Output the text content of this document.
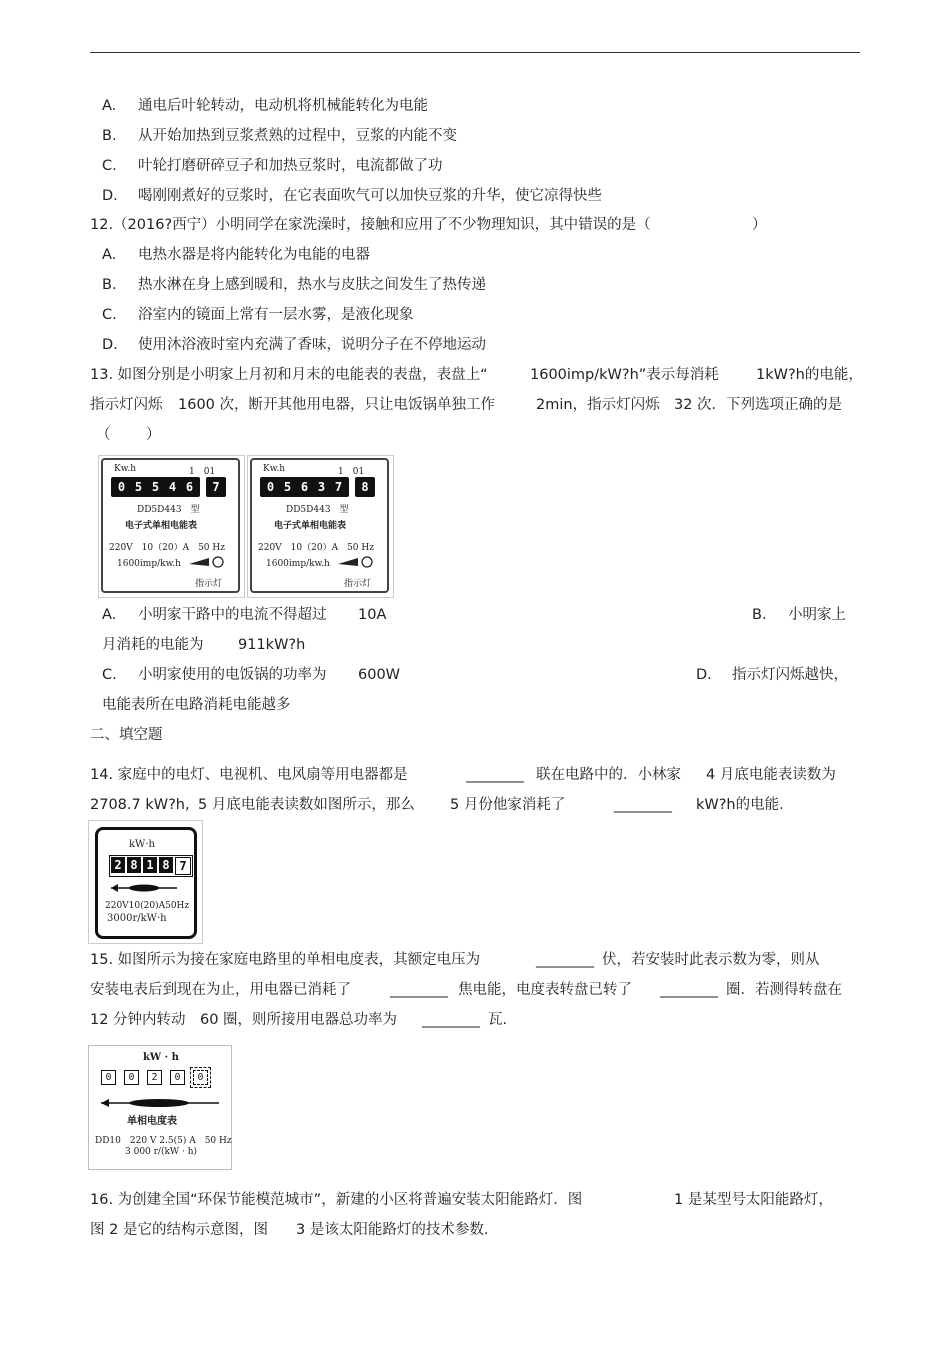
A. 通电后叶轮转动，电动机将机械能转化为电能
B. 从开始加热到豆浆煮熟的过程中，豆浆的内能不变
C. 叶轮打磨研碎豆子和加热豆浆时，电流都做了功
D. 喝刚刚煮好的豆浆时，在它表面吹气可以加快豆浆的升华，使它凉得快些
12.（2016?西宁）小明同学在家洗澡时，接触和应用了不少物理知识，其中错误的是（	）
A. 电热水器是将内能转化为电能的电器
B. 热水淋在身上感到暖和，热水与皮肤之间发生了热传递
C. 浴室内的镜面上常有一层水雾，是液化现象
D. 使用沐浴液时室内充满了香味，说明分子在不停地运动
13. 如图分别是小明家上月初和月末的电能表的表盘，表盘上“	1600imp/kW?h”表示每消耗	1kW?h的电能，
指示灯闪烁 1600 次，断开其他用电器，只让电饭锅单独工作	2min，指示灯闪烁 32 次．下列选项正确的是
（ ）
Kw.h	1　01
0 5 5 4 6	7
DD5D443　型
电子式单相电能表
220V　10（20）A　50 Hz
1600imp/kw.h
指示灯
Kw.h	1　01
0 5 6 3 7	8
DD5D443　型
电子式单相电能表
220V　10（20）A　50 Hz
1600imp/kw.h
指示灯
A. 小明家干路中的电流不得超过 10A	B. 小明家上
月消耗的电能为 911kW?h
C. 小明家使用的电饭锅的功率为 600W	D. 指示灯闪烁越快，
电能表所在电路消耗电能越多
二、填空题
14. 家庭中的电灯、电视机、电风扇等用电器都是	________ 联在电路中的．小林家 4 月底电能表读数为
2708.7 kW?h, 5 月底电能表读数如图所示，那么 5 月份他家消耗了	________ kW?h的电能.
kW·h
2 8 1 8 7
220V10(20)A50Hz
3000r/kW·h
15. 如图所示为接在家庭电路里的单相电度表，其额定电压为	________ 伏，若安装时此表示数为零，则从
安装电表后到现在为止，用电器已消耗了	________ 焦电能，电度表转盘已转了 ________ 圈．若测得转盘在
12 分钟内转动 60 圈，则所接用电器总功率为 ________ 瓦.
kW · h
0	0	2	0	0
单相电度表
DD10　220 V 2.5(5) A　50 Hz
3 000 r/(kW · h)
16. 为创建全国“环保节能模范城市”，新建的小区将普遍安装太阳能路灯．图	1 是某型号太阳能路灯，
图 2 是它的结构示意图，图 3 是该太阳能路灯的技术参数.
